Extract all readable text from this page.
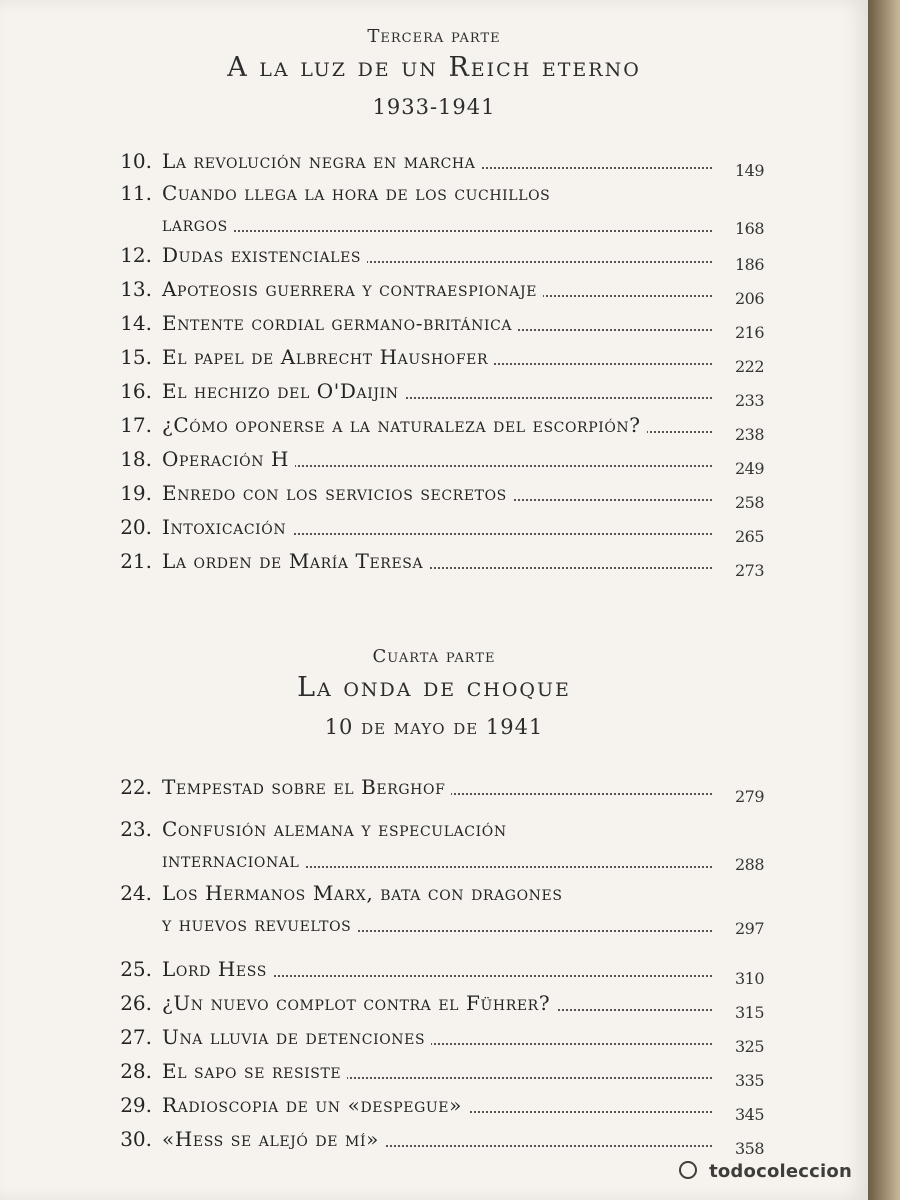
Tercera parte
A la luz de un Reich eterno
1933-1941
Cuarta parte
La onda de choque
10 de mayo de 1941
10. La revolución negra en marcha	149
11. Cuando llega la hora de los cuchillos
largos	168
12. Dudas existenciales	186
13. Apoteosis guerrera y contraespionaje	206
14. Entente cordial germano-británica	216
15. El papel de Albrecht Haushofer	222
16. El hechizo del O'Daijin	233
17. ¿Cómo oponerse a la naturaleza del escorpión?	238
18. Operación H	249
19. Enredo con los servicios secretos	258
20. Intoxicación	265
21. La orden de María Teresa	273
22. Tempestad sobre el Berghof	279
23. Confusión alemana y especulación
internacional	288
24. Los Hermanos Marx, bata con dragones
y huevos revueltos	297
25. Lord Hess	310
26. ¿Un nuevo complot contra el Führer?	315
27. Una lluvia de detenciones	325
28. El sapo se resiste	335
29. Radioscopia de un «despegue»	345
30. «Hess se alejó de mí»	358
todocoleccion
